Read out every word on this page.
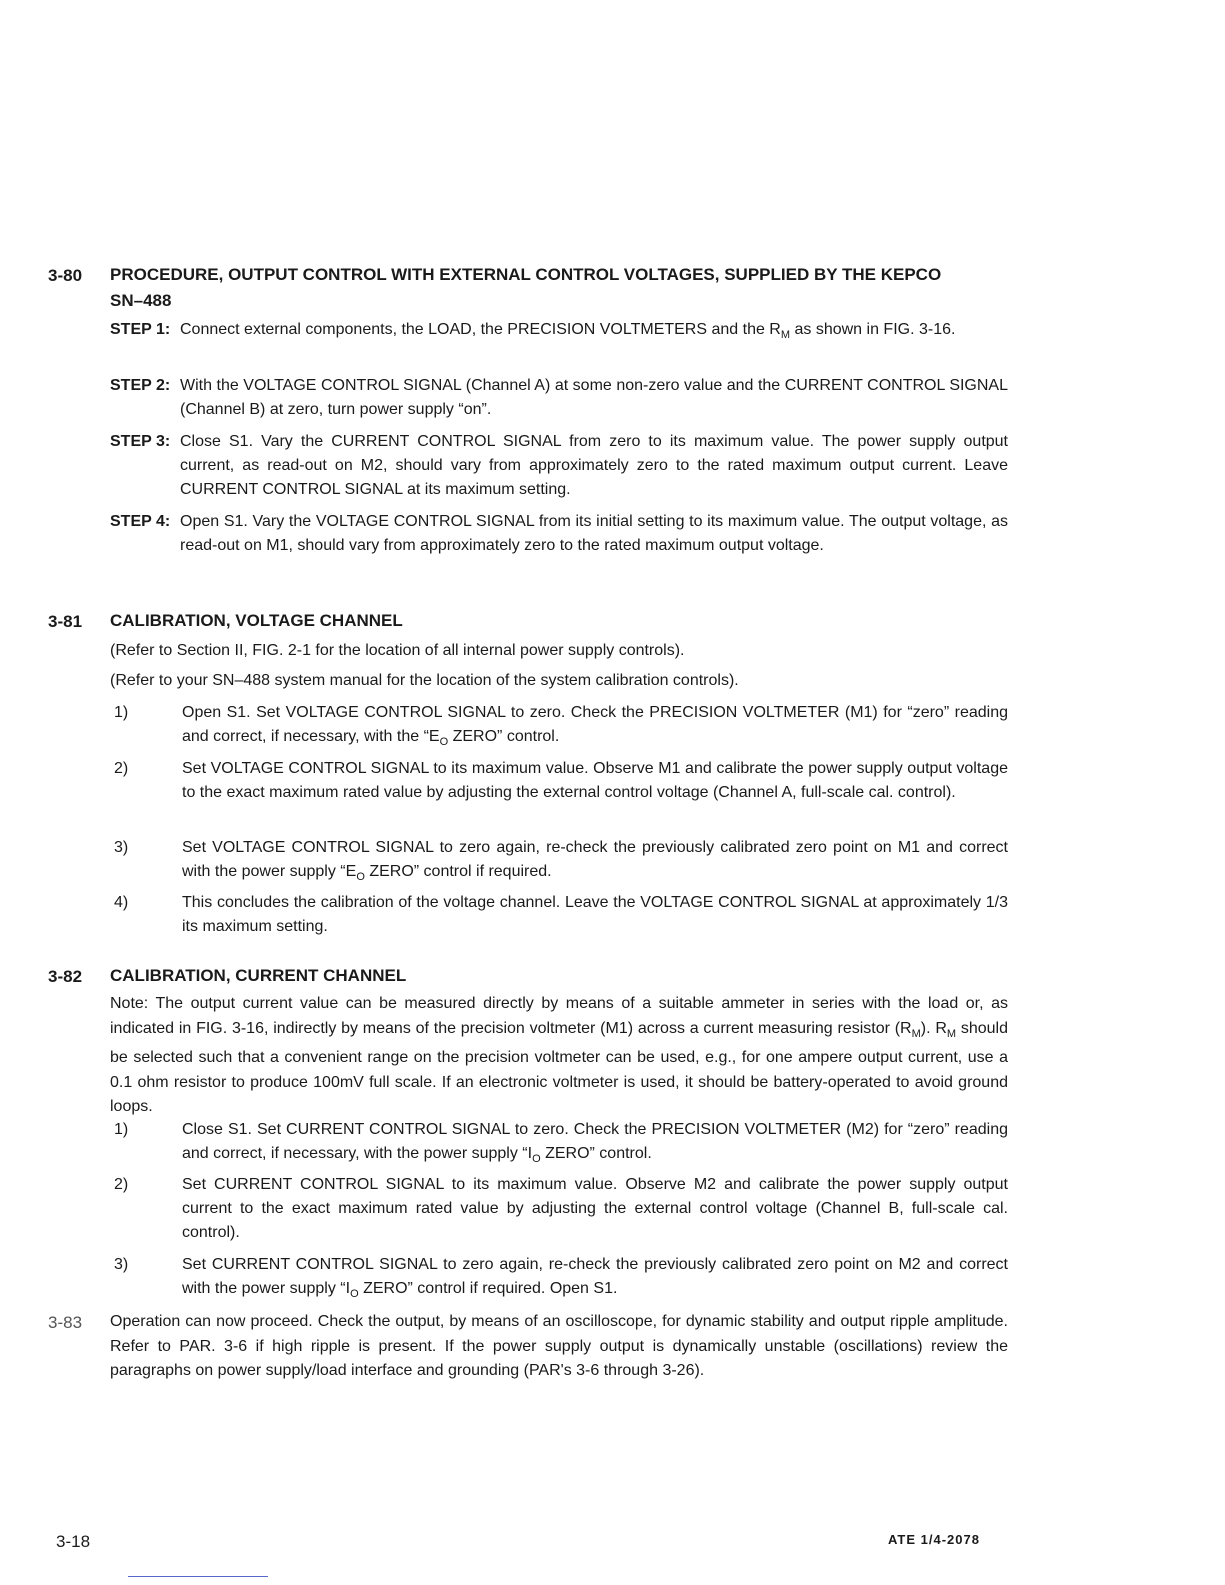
3-80 PROCEDURE, OUTPUT CONTROL WITH EXTERNAL CONTROL VOLTAGES, SUPPLIED BY THE KEPCO
SN–488
STEP 1: Connect external components, the LOAD, the PRECISION VOLTMETERS and the $R_M$ as shown in FIG. 3-16.
STEP 2: With the VOLTAGE CONTROL SIGNAL (Channel A) at some non-zero value and the CURRENT CONTROL SIGNAL (Channel B) at zero, turn power supply “on”.
STEP 3: Close S1. Vary the CURRENT CONTROL SIGNAL from zero to its maximum value. The power supply output current, as read-out on M2, should vary from approximately zero to the rated maximum output current. Leave CURRENT CONTROL SIGNAL at its maximum setting.
STEP 4: Open S1. Vary the VOLTAGE CONTROL SIGNAL from its initial setting to its maximum value. The output voltage, as read-out on M1, should vary from approximately zero to the rated maximum output voltage.
3-81 CALIBRATION, VOLTAGE CHANNEL
(Refer to Section II, FIG. 2-1 for the location of all internal power supply controls).
(Refer to your SN–488 system manual for the location of the system calibration controls).
1)	Open S1. Set VOLTAGE CONTROL SIGNAL to zero. Check the PRECISION VOLTMETER (M1) for “zero” reading and correct, if necessary, with the “$E_O$ ZERO” control.
2)	Set VOLTAGE CONTROL SIGNAL to its maximum value. Observe M1 and calibrate the power supply output voltage to the exact maximum rated value by adjusting the external control voltage (Channel A, full-scale cal. control).
3)	Set VOLTAGE CONTROL SIGNAL to zero again, re-check the previously calibrated zero point on M1 and correct with the power supply “$E_O$ ZERO” control if required.
4)	This concludes the calibration of the voltage channel. Leave the VOLTAGE CONTROL SIGNAL at approximately 1/3 its maximum setting.
3-82 CALIBRATION, CURRENT CHANNEL
Note: The output current value can be measured directly by means of a suitable ammeter in series with the load or, as indicated in FIG. 3-16, indirectly by means of the precision voltmeter (M1) across a current measuring resistor $(R_M)$. $R_M$ should be selected such that a convenient range on the precision voltmeter can be used, e.g., for one ampere output current, use a 0.1 ohm resistor to produce 100mV full scale. If an electronic voltmeter is used, it should be battery-operated to avoid ground loops.
1)	Close S1. Set CURRENT CONTROL SIGNAL to zero. Check the PRECISION VOLTMETER (M2) for “zero” reading and correct, if necessary, with the power supply “$I_O$ ZERO” control.
2)	Set CURRENT CONTROL SIGNAL to its maximum value. Observe M2 and calibrate the power supply output current to the exact maximum rated value by adjusting the external control voltage (Channel B, full-scale cal. control).
3)	Set CURRENT CONTROL SIGNAL to zero again, re-check the previously calibrated zero point on M2 and correct with the power supply “$I_O$ ZERO” control if required. Open S1.
3-83 Operation can now proceed. Check the output, by means of an oscilloscope, for dynamic stability and output ripple amplitude. Refer to PAR. 3-6 if high ripple is present. If the power supply output is dynamically unstable (oscillations) review the paragraphs on power supply/load interface and grounding (PAR's 3-6 through 3-26).
3-18	ATE 1/4-2078
